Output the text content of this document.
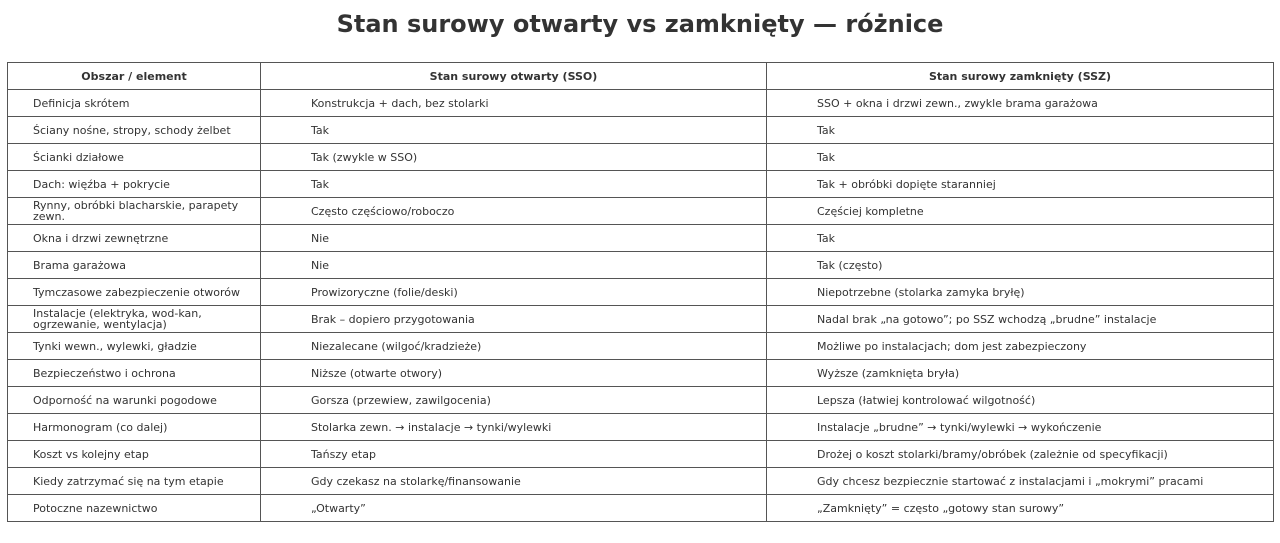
Stan surowy otwarty vs zamknięty — różnice
Obszar / element	Stan surowy otwarty (SSO)	Stan surowy zamknięty (SSZ)
Definicja skrótem	Konstrukcja + dach, bez stolarki	SSO + okna i drzwi zewn., zwykle brama garażowa
Ściany nośne, stropy, schody żelbet	Tak	Tak
Ścianki działowe	Tak (zwykle w SSO)	Tak
Dach: więźba + pokrycie	Tak	Tak + obróbki dopięte staranniej
Rynny, obróbki blacharskie, parapety zewn.	Często częściowo/roboczo	Częściej kompletne
Okna i drzwi zewnętrzne	Nie	Tak
Brama garażowa	Nie	Tak (często)
Tymczasowe zabezpieczenie otworów	Prowizoryczne (folie/deski)	Niepotrzebne (stolarka zamyka bryłę)
Instalacje (elektryka, wod-kan, ogrzewanie, wentylacja)	Brak – dopiero przygotowania	Nadal brak „na gotowo”; po SSZ wchodzą „brudne” instalacje
Tynki wewn., wylewki, gładzie	Niezalecane (wilgoć/kradzieże)	Możliwe po instalacjach; dom jest zabezpieczony
Bezpieczeństwo i ochrona	Niższe (otwarte otwory)	Wyższe (zamknięta bryła)
Odporność na warunki pogodowe	Gorsza (przewiew, zawilgocenia)	Lepsza (łatwiej kontrolować wilgotność)
Harmonogram (co dalej)	Stolarka zewn. → instalacje → tynki/wylewki	Instalacje „brudne” → tynki/wylewki → wykończenie
Koszt vs kolejny etap	Tańszy etap	Drożej o koszt stolarki/bramy/obróbek (zależnie od specyfikacji)
Kiedy zatrzymać się na tym etapie	Gdy czekasz na stolarkę/finansowanie	Gdy chcesz bezpiecznie startować z instalacjami i „mokrymi” pracami
Potoczne nazewnictwo	„Otwarty”	„Zamknięty” = często „gotowy stan surowy”
